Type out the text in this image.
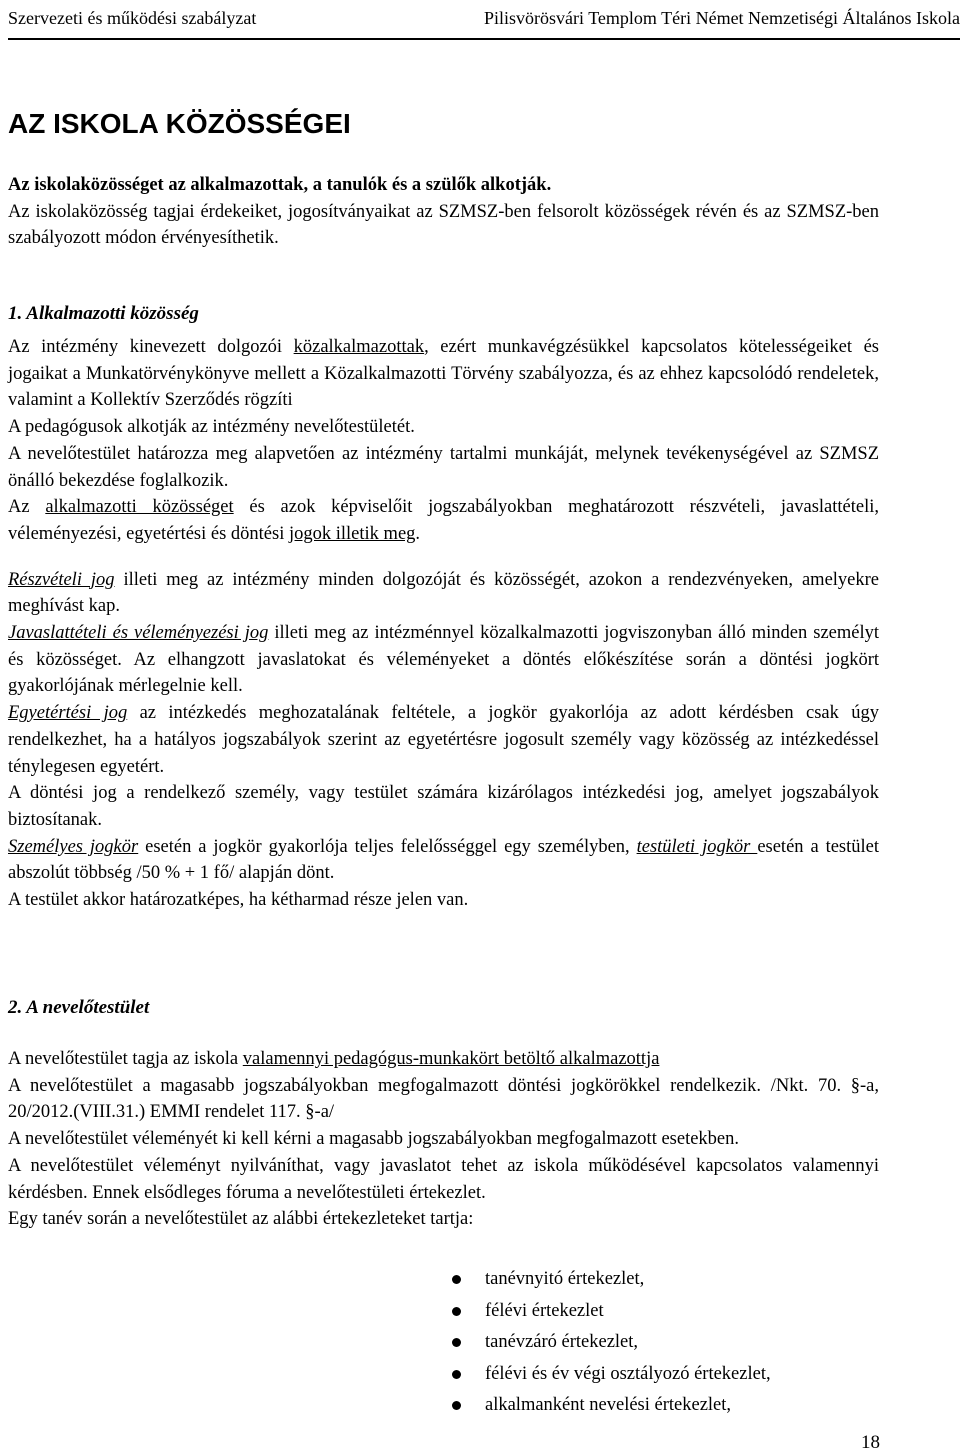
Szervezeti és működési szabályzat	Pilisvörösvári Templom Téri Német Nemzetiségi Általános Iskola
AZ ISKOLA KÖZÖSSÉGEI

Az iskolaközösséget az alkalmazottak, a tanulók és a szülők alkotják.

Az iskolaközösség tagjai érdekeiket, jogosítványaikat az SZMSZ-ben felsorolt közösségek révén és az SZMSZ-ben szabályozott módon érvényesíthetik.

1. Alkalmazotti közösség

Az intézmény kinevezett dolgozói közalkalmazottak, ezért munkavégzésükkel kapcsolatos kötelességeiket és jogaikat a Munkatörvénykönyve mellett a Közalkalmazotti Törvény szabályozza, és az ehhez kapcsolódó rendeletek, valamint a Kollektív Szerződés rögzíti

A pedagógusok alkotják az intézmény nevelőtestületét.

A nevelőtestület határozza meg alapvetően az intézmény tartalmi munkáját, melynek tevékenységével az SZMSZ önálló bekezdése foglalkozik.

Az alkalmazotti közösséget és azok képviselőit jogszabályokban meghatározott részvételi, javaslattételi, véleményezési, egyetértési és döntési jogok illetik meg.

Részvételi jog illeti meg az intézmény minden dolgozóját és közösségét, azokon a rendezvényeken, amelyekre meghívást kap.

Javaslattételi és véleményezési jog illeti meg az intézménnyel közalkalmazotti jogviszonyban álló minden személyt és közösséget. Az elhangzott javaslatokat és véleményeket a döntés előkészítése során a döntési jogkört gyakorlójának mérlegelnie kell.

Egyetértési jog az intézkedés meghozatalának feltétele, a jogkör gyakorlója az adott kérdésben csak úgy rendelkezhet, ha a hatályos jogszabályok szerint az egyetértésre jogosult személy vagy közösség az intézkedéssel ténylegesen egyetért.

A döntési jog a rendelkező személy, vagy testület számára kizárólagos intézkedési jog, amelyet jogszabályok biztosítanak.

Személyes jogkör esetén a jogkör gyakorlója teljes felelősséggel egy személyben, testületi jogkör esetén a testület abszolút többség /50 % + 1 fő/ alapján dönt.

A testület akkor határozatképes, ha kétharmad része jelen van.

2. A nevelőtestület

A nevelőtestület tagja az iskola valamennyi pedagógus-munkakört betöltő alkalmazottja

A nevelőtestület a magasabb jogszabályokban megfogalmazott döntési jogkörökkel rendelkezik. /Nkt. 70. §-a, 20/2012.(VIII.31.) EMMI rendelet 117. §-a/

A nevelőtestület véleményét ki kell kérni a magasabb jogszabályokban megfogalmazott esetekben.

A nevelőtestület véleményt nyilváníthat, vagy javaslatot tehet az iskola működésével kapcsolatos valamennyi kérdésben. Ennek elsődleges fóruma a nevelőtestületi értekezlet.

Egy tanév során a nevelőtestület az alábbi értekezleteket tartja:

tanévnyitó értekezlet,
félévi értekezlet
tanévzáró értekezlet,
félévi és év végi osztályozó értekezlet,
alkalmanként nevelési értekezlet,
18
